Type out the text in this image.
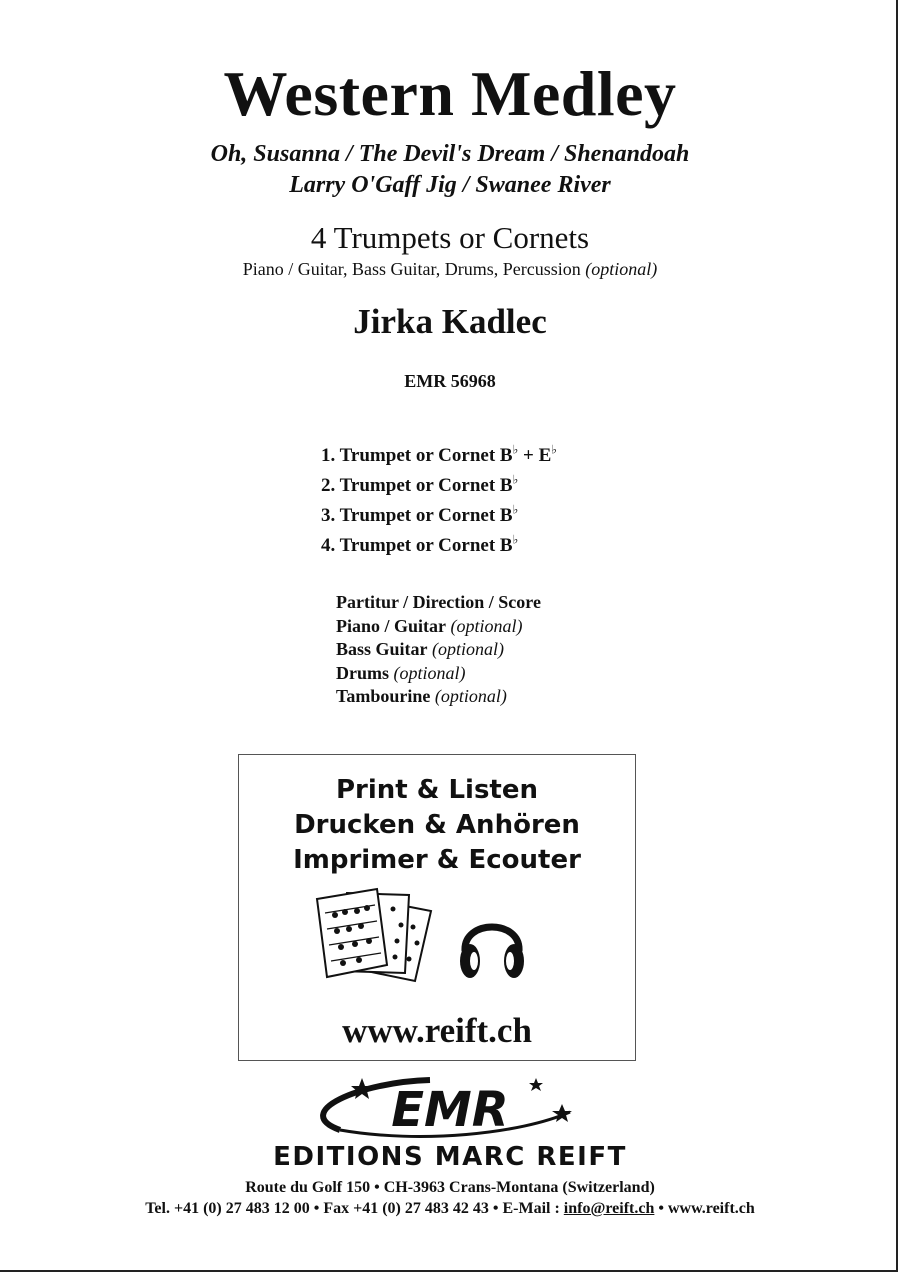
Western Medley
Oh, Susanna / The Devil's Dream / Shenandoah
Larry O'Gaff Jig / Swanee River
4 Trumpets or Cornets
Piano / Guitar, Bass Guitar, Drums, Percussion (optional)
Jirka Kadlec
EMR 56968
1. Trumpet or Cornet B♭ + E♭
2. Trumpet or Cornet B♭
3. Trumpet or Cornet B♭
4. Trumpet or Cornet B♭
Partitur / Direction / Score
Piano / Guitar (optional)
Bass Guitar (optional)
Drums (optional)
Tambourine (optional)
Print & Listen
Drucken & Anhören
Imprimer & Ecouter
www.reift.ch
EMR
EDITIONS MARC REIFT
Route du Golf 150 • CH-3963 Crans-Montana (Switzerland)
Tel. +41 (0) 27 483 12 00 • Fax +41 (0) 27 483 42 43 • E-Mail : info@reift.ch • www.reift.ch
